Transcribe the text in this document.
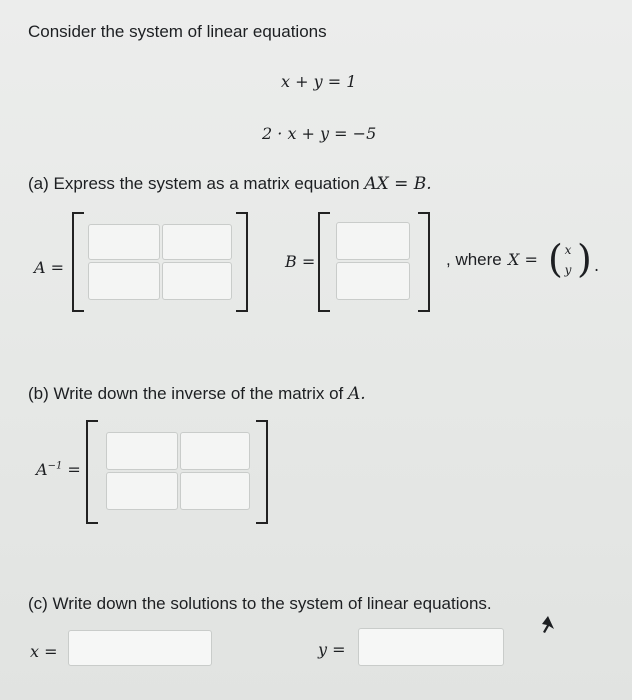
Consider the system of linear equations
x + y = 1
2 · x + y = −5
(a) Express the system as a matrix equation AX = B.
A =	B =	, where X = ( x
y ) .
(b) Write down the inverse of the matrix of A.
$A^{-1}$ =
(c) Write down the solutions to the system of linear equations.
x =	y =
